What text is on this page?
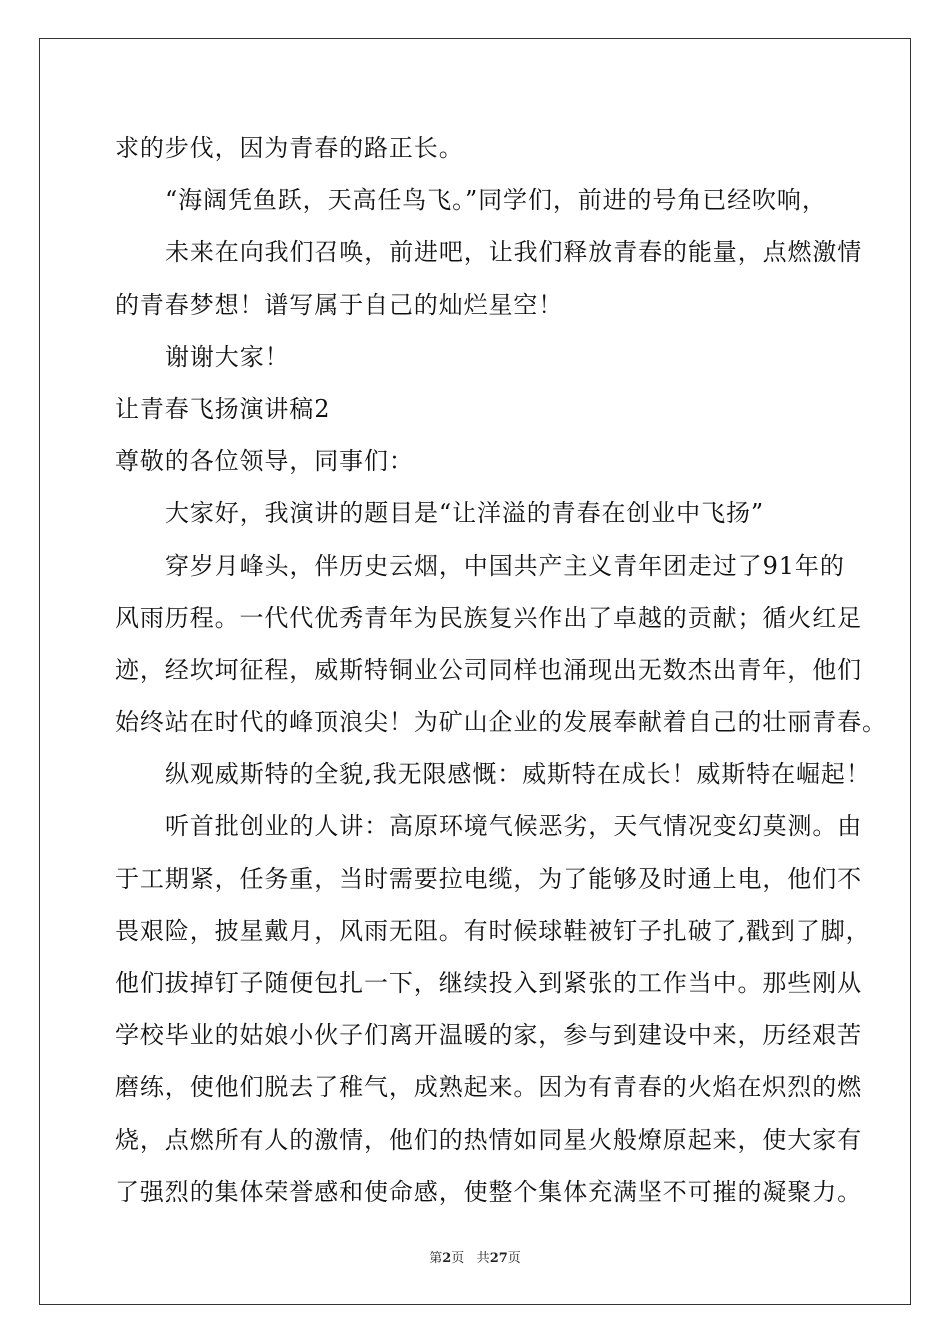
求的步伐，因为青春的路正长。
“海阔凭鱼跃，天高任鸟飞。”同学们，前进的号角已经吹响，
未来在向我们召唤，前进吧，让我们释放青春的能量，点燃激情
的青春梦想！谱写属于自己的灿烂星空！
谢谢大家！
让青春飞扬演讲稿2
尊敬的各位领导，同事们：
大家好，我演讲的题目是“让洋溢的青春在创业中飞扬”
穿岁月峰头，伴历史云烟，中国共产主义青年团走过了91年的
风雨历程。一代代优秀青年为民族复兴作出了卓越的贡献；循火红足
迹，经坎坷征程，威斯特铜业公司同样也涌现出无数杰出青年，他们
始终站在时代的峰顶浪尖！为矿山企业的发展奉献着自己的壮丽青春。
纵观威斯特的全貌,我无限感慨：威斯特在成长！威斯特在崛起！
听首批创业的人讲：高原环境气候恶劣，天气情况变幻莫测。由
于工期紧，任务重，当时需要拉电缆，为了能够及时通上电，他们不
畏艰险，披星戴月，风雨无阻。有时候球鞋被钉子扎破了,戳到了脚，
他们拔掉钉子随便包扎一下，继续投入到紧张的工作当中。那些刚从
学校毕业的姑娘小伙子们离开温暖的家，参与到建设中来，历经艰苦
磨练，使他们脱去了稚气，成熟起来。因为有青春的火焰在炽烈的燃
烧，点燃所有人的激情，他们的热情如同星火般燎原起来，使大家有
了强烈的集体荣誉感和使命感，使整个集体充满坚不可摧的凝聚力。
第2页 共27页
